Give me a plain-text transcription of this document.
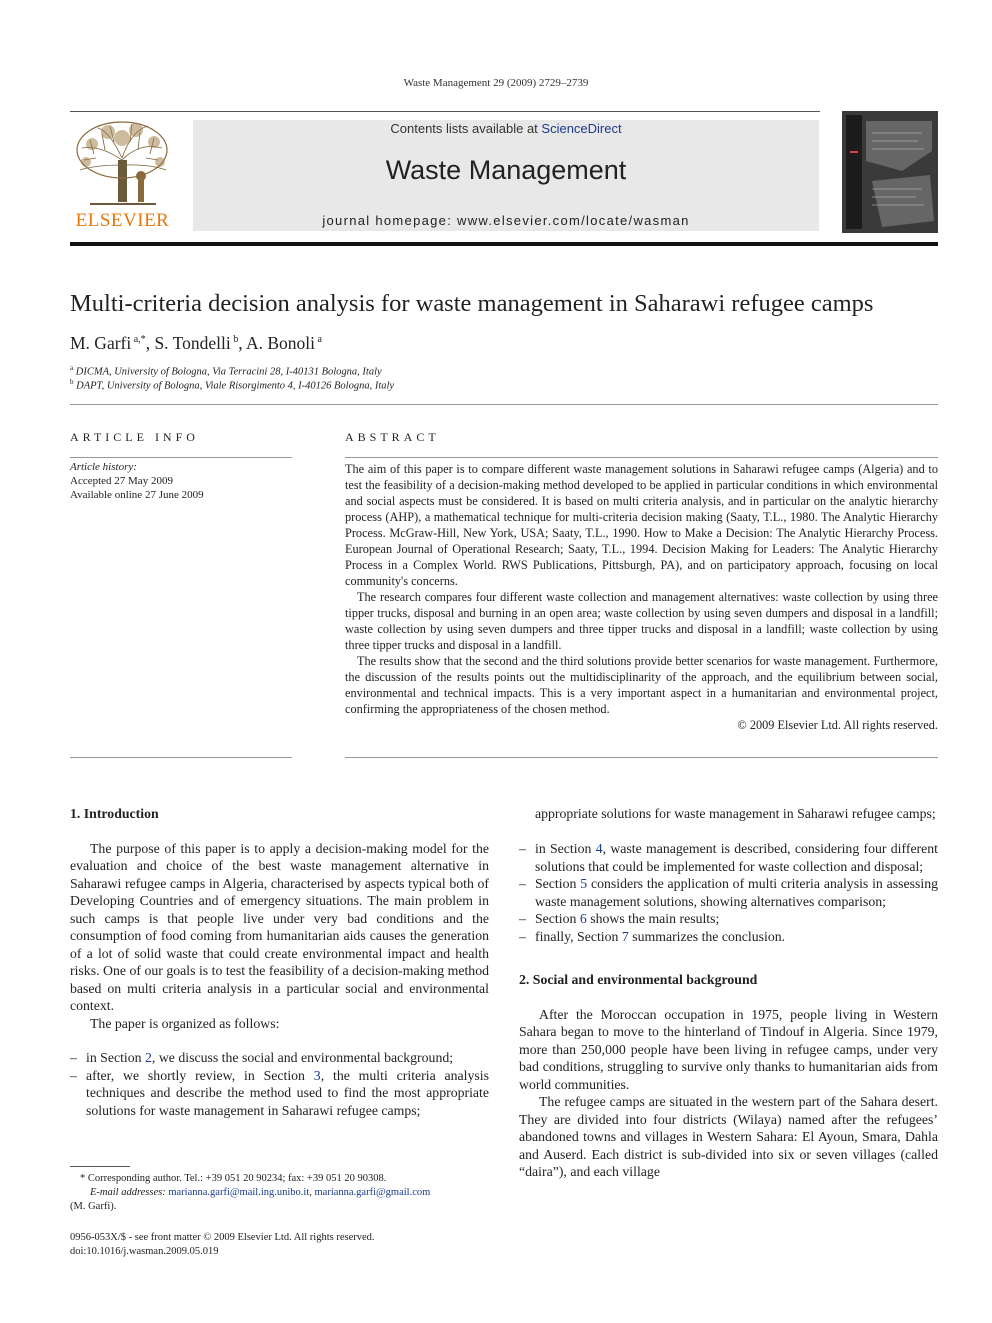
Waste Management 29 (2009) 2729–2739
ELSEVIER
Contents lists available at ScienceDirect
Waste Management
journal homepage: www.elsevier.com/locate/wasman
Multi-criteria decision analysis for waste management in Saharawi refugee camps
M. Garfi $^{a,*}$, S. Tondelli $^b$, A. Bonoli $^a$
$^a$ DICMA, University of Bologna, Via Terracini 28, I-40131 Bologna, Italy
$^b$ DAPT, University of Bologna, Viale Risorgimento 4, I-40126 Bologna, Italy
ARTICLE INFO
Article history:
Accepted 27 May 2009
Available online 27 June 2009
ABSTRACT

The aim of this paper is to compare different waste management solutions in Saharawi refugee camps (Algeria) and to test the feasibility of a decision-making method developed to be applied in particular conditions in which environmental and social aspects must be considered. It is based on multi criteria analysis, and in particular on the analytic hierarchy process (AHP), a mathematical technique for multi-criteria decision making (Saaty, T.L., 1980. The Analytic Hierarchy Process. McGraw-Hill, New York, USA; Saaty, T.L., 1990. How to Make a Decision: The Analytic Hierarchy Process. European Journal of Operational Research; Saaty, T.L., 1994. Decision Making for Leaders: The Analytic Hierarchy Process in a Complex World. RWS Publications, Pittsburgh, PA), and on participatory approach, focusing on local community's concerns.

The research compares four different waste collection and management alternatives: waste collection by using three tipper trucks, disposal and burning in an open area; waste collection by using seven dumpers and disposal in a landfill; waste collection by using seven dumpers and three tipper trucks and disposal in a landfill; waste collection by using three tipper trucks and disposal in a landfill.

The results show that the second and the third solutions provide better scenarios for waste management. Furthermore, the discussion of the results points out the multidisciplinarity of the approach, and the equilibrium between social, environmental and technical impacts. This is a very important aspect in a humanitarian and environmental project, confirming the appropriateness of the chosen method.

© 2009 Elsevier Ltd. All rights reserved.

1. Introduction

The purpose of this paper is to apply a decision-making model for the evaluation and choice of the best waste management alternative in Saharawi refugee camps in Algeria, characterised by aspects typical both of Developing Countries and of emergency situations. The main problem in such camps is that people live under very bad conditions and the consumption of food coming from humanitarian aids causes the generation of a lot of solid waste that could create environmental impact and health risks. One of our goals is to test the feasibility of a decision-making method based on multi criteria analysis in a particular social and environmental context.

The paper is organized as follows:

– in Section 2, we discuss the social and environmental background;
– after, we shortly review, in Section 3, the multi criteria analysis techniques and describe the method used to find the most appropriate solutions for waste management in Saharawi refugee camps;
* Corresponding author. Tel.: +39 051 20 90234; fax: +39 051 20 90308.
E-mail addresses: marianna.garfi@mail.ing.unibo.it, marianna.garfi@gmail.com
(M. Garfi).
0956-053X/$ - see front matter © 2009 Elsevier Ltd. All rights reserved.
doi:10.1016/j.wasman.2009.05.019
appropriate solutions for waste management in Saharawi refugee camps;
– in Section 4, waste management is described, considering four different solutions that could be implemented for waste collection and disposal;
– Section 5 considers the application of multi criteria analysis in assessing waste management solutions, showing alternatives comparison;
– Section 6 shows the main results;
– finally, Section 7 summarizes the conclusion.
2. Social and environmental background

After the Moroccan occupation in 1975, people living in Western Sahara began to move to the hinterland of Tindouf in Algeria. Since 1979, more than 250,000 people have been living in refugee camps, under very bad conditions, struggling to survive only thanks to humanitarian aids from world communities.

The refugee camps are situated in the western part of the Sahara desert. They are divided into four districts (Wilaya) named after the refugees’ abandoned towns and villages in Western Sahara: El Ayoun, Smara, Dahla and Auserd. Each district is sub-divided into six or seven villages (called “daira”), and each village
